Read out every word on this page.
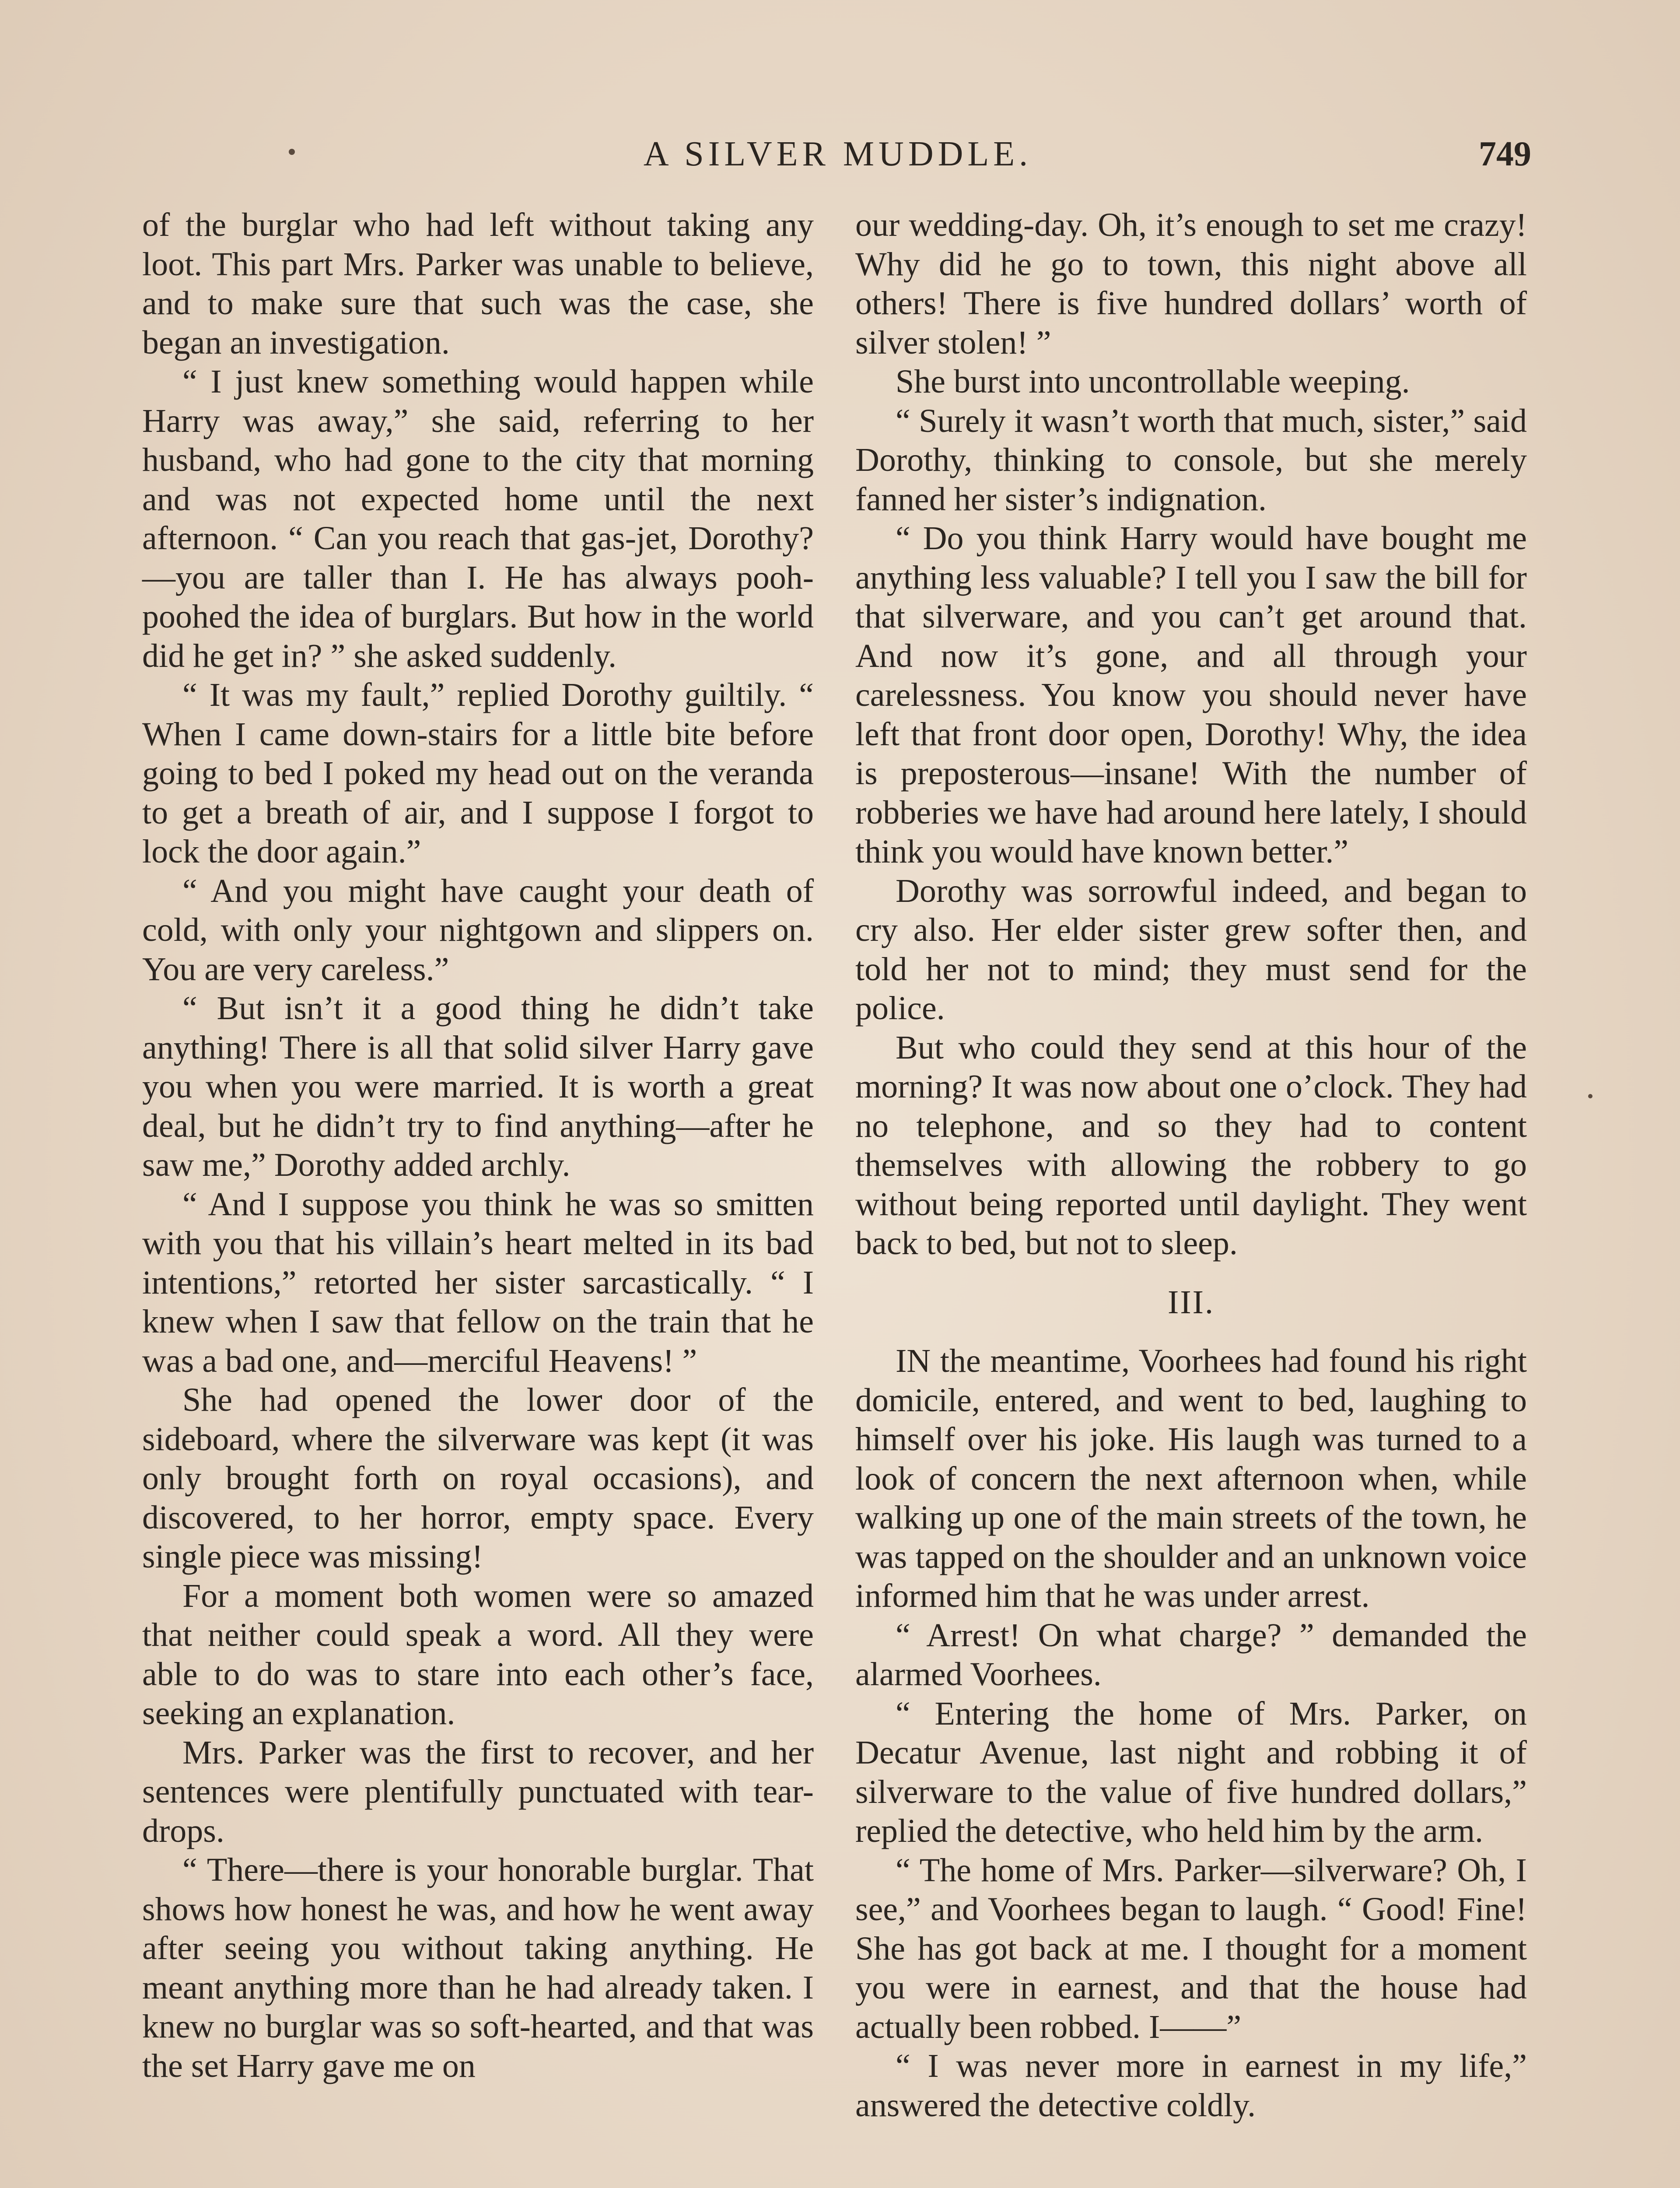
A SILVER MUDDLE.	749

of the burglar who had left without taking any loot. This part Mrs. Parker was unable to believe, and to make sure that such was the case, she began an investigation.

“ I just knew something would happen while Harry was away,” she said, referring to her husband, who had gone to the city that morning and was not expected home until the next afternoon. “ Can you reach that gas-jet, Dorothy?—you are taller than I. He has always pooh-poohed the idea of burglars. But how in the world did he get in? ” she asked suddenly.

“ It was my fault,” replied Dorothy guiltily. “ When I came down-stairs for a little bite before going to bed I poked my head out on the veranda to get a breath of air, and I suppose I forgot to lock the door again.”

“ And you might have caught your death of cold, with only your nightgown and slippers on. You are very careless.”

“ But isn’t it a good thing he didn’t take anything! There is all that solid silver Harry gave you when you were married. It is worth a great deal, but he didn’t try to find anything—after he saw me,” Dorothy added archly.

“ And I suppose you think he was so smitten with you that his villain’s heart melted in its bad intentions,” retorted her sister sarcastically. “ I knew when I saw that fellow on the train that he was a bad one, and—merciful Heavens! ”

She had opened the lower door of the sideboard, where the silverware was kept (it was only brought forth on royal occasions), and discovered, to her horror, empty space. Every single piece was missing!

For a moment both women were so amazed that neither could speak a word. All they were able to do was to stare into each other’s face, seeking an explanation.

Mrs. Parker was the first to recover, and her sentences were plentifully punctuated with tear-drops.

“ There—there is your honorable burglar. That shows how honest he was, and how he went away after seeing you without taking anything. He meant anything more than he had already taken. I knew no burglar was so soft-hearted, and that was the set Harry gave me on

our wedding-day. Oh, it’s enough to set me crazy! Why did he go to town, this night above all others! There is five hundred dollars’ worth of silver stolen! ”

She burst into uncontrollable weeping.

“ Surely it wasn’t worth that much, sister,” said Dorothy, thinking to console, but she merely fanned her sister’s indignation.

“ Do you think Harry would have bought me anything less valuable? I tell you I saw the bill for that silverware, and you can’t get around that. And now it’s gone, and all through your carelessness. You know you should never have left that front door open, Dorothy! Why, the idea is preposterous—insane! With the number of robberies we have had around here lately, I should think you would have known better.”

Dorothy was sorrowful indeed, and began to cry also. Her elder sister grew softer then, and told her not to mind; they must send for the police.

But who could they send at this hour of the morning? It was now about one o’clock. They had no telephone, and so they had to content themselves with allowing the robbery to go without being reported until daylight. They went back to bed, but not to sleep.

III.

IN the meantime, Voorhees had found his right domicile, entered, and went to bed, laughing to himself over his joke. His laugh was turned to a look of concern the next afternoon when, while walking up one of the main streets of the town, he was tapped on the shoulder and an unknown voice informed him that he was under arrest.

“ Arrest! On what charge? ” demanded the alarmed Voorhees.

“ Entering the home of Mrs. Parker, on Decatur Avenue, last night and robbing it of silverware to the value of five hundred dollars,” replied the detective, who held him by the arm.

“ The home of Mrs. Parker—silverware? Oh, I see,” and Voorhees began to laugh. “ Good! Fine! She has got back at me. I thought for a moment you were in earnest, and that the house had actually been robbed. I——”

“ I was never more in earnest in my life,” answered the detective coldly.
